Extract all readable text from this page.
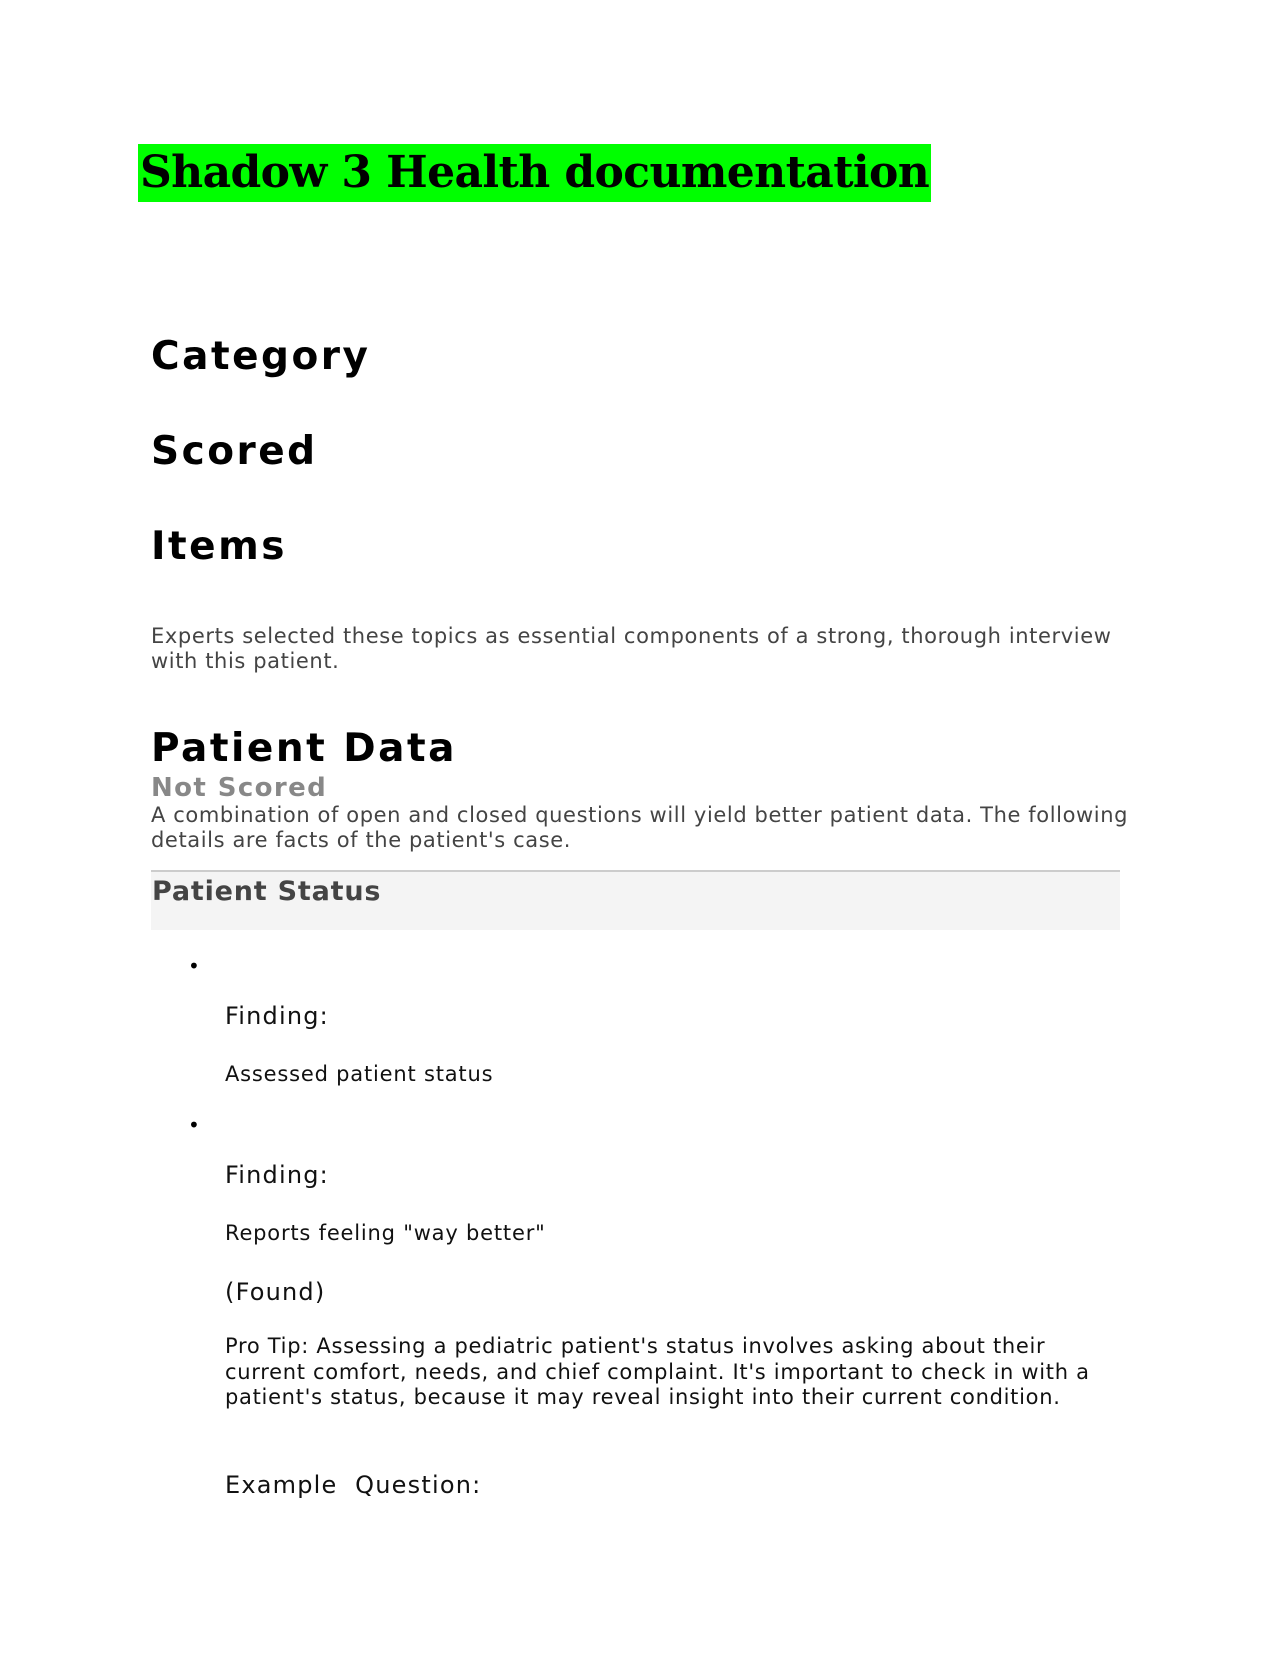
Shadow 3 Health documentation
Category
Scored
Items

Experts selected these topics as essential components of a strong, thorough interview with this patient.

Patient Data
Not Scored

A combination of open and closed questions will yield better patient data. The following details are facts of the patient's case.

Patient Status
•
Finding:
Assessed patient status
•
Finding:
Reports feeling "way better"
(Found)

Pro Tip: Assessing a pediatric patient's status involves asking about their current comfort, needs, and chief complaint. It's important to check in with a patient's status, because it may reveal insight into their current condition.

Example  Question:
